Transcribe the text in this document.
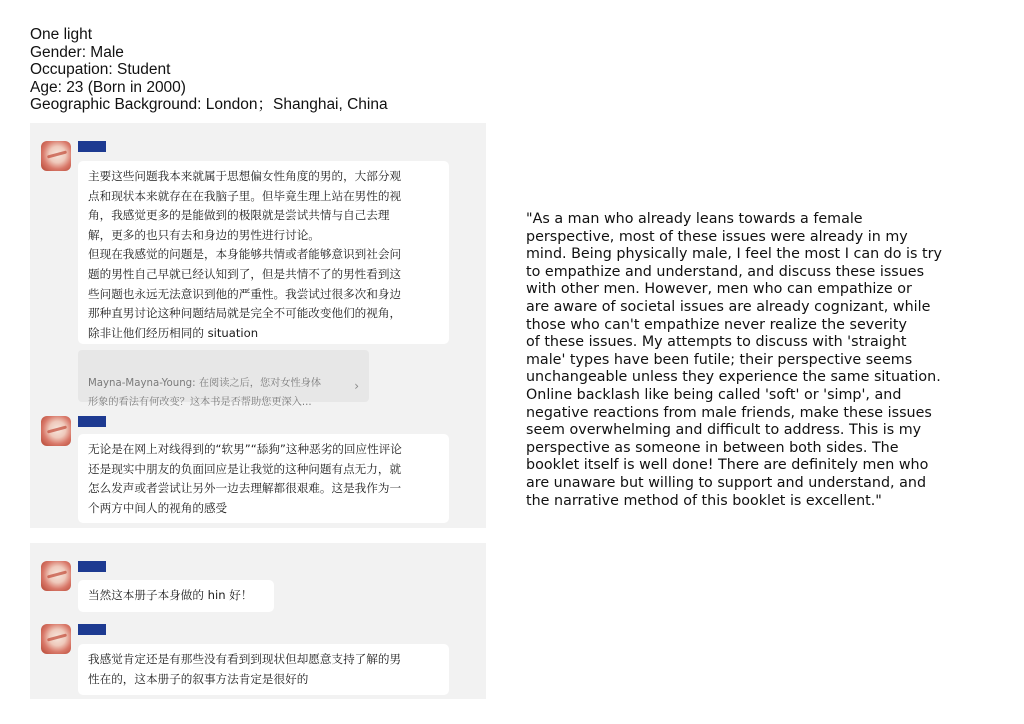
One light
Gender: Male
Occupation: Student
Age: 23 (Born in 2000)
Geographic Background: London；Shanghai, China
主要这些问题我本来就属于思想偏女性角度的男的，大部分观
点和现状本来就存在在我脑子里。但毕竟生理上站在男性的视
角，我感觉更多的是能做到的极限就是尝试共情与自己去理
解，更多的也只有去和身边的男性进行讨论。
但现在我感觉的问题是，本身能够共情或者能够意识到社会问
题的男性自己早就已经认知到了，但是共情不了的男性看到这
些问题也永远无法意识到他的严重性。我尝试过很多次和身边
那种直男讨论这种问题结局就是完全不可能改变他们的视角，
除非让他们经历相同的 situation

Mayna-Mayna-Young: 在阅读之后，您对女性身体
形象的看法有何改变？这本书是否帮助您更深入...

›

无论是在网上对线得到的“软男”“舔狗”这种恶劣的回应性评论
还是现实中朋友的负面回应是让我觉的这种问题有点无力，就
怎么发声或者尝试让另外一边去理解都很艰难。这是我作为一
个两方中间人的视角的感受
当然这本册子本身做的 hin 好！
我感觉肯定还是有那些没有看到到现状但却愿意支持了解的男
性在的，这本册子的叙事方法肯定是很好的
"As a man who already leans towards a female
perspective, most of these issues were already in my
mind. Being physically male, I feel the most I can do is try
to empathize and understand, and discuss these issues
with other men. However, men who can empathize or
are aware of societal issues are already cognizant, while
those who can't empathize never realize the severity
of these issues. My attempts to discuss with 'straight
male' types have been futile; their perspective seems
unchangeable unless they experience the same situation.
Online backlash like being called 'soft' or 'simp', and
negative reactions from male friends, make these issues
seem overwhelming and difficult to address. This is my
perspective as someone in between both sides. The
booklet itself is well done! There are definitely men who
are unaware but willing to support and understand, and
the narrative method of this booklet is excellent."
